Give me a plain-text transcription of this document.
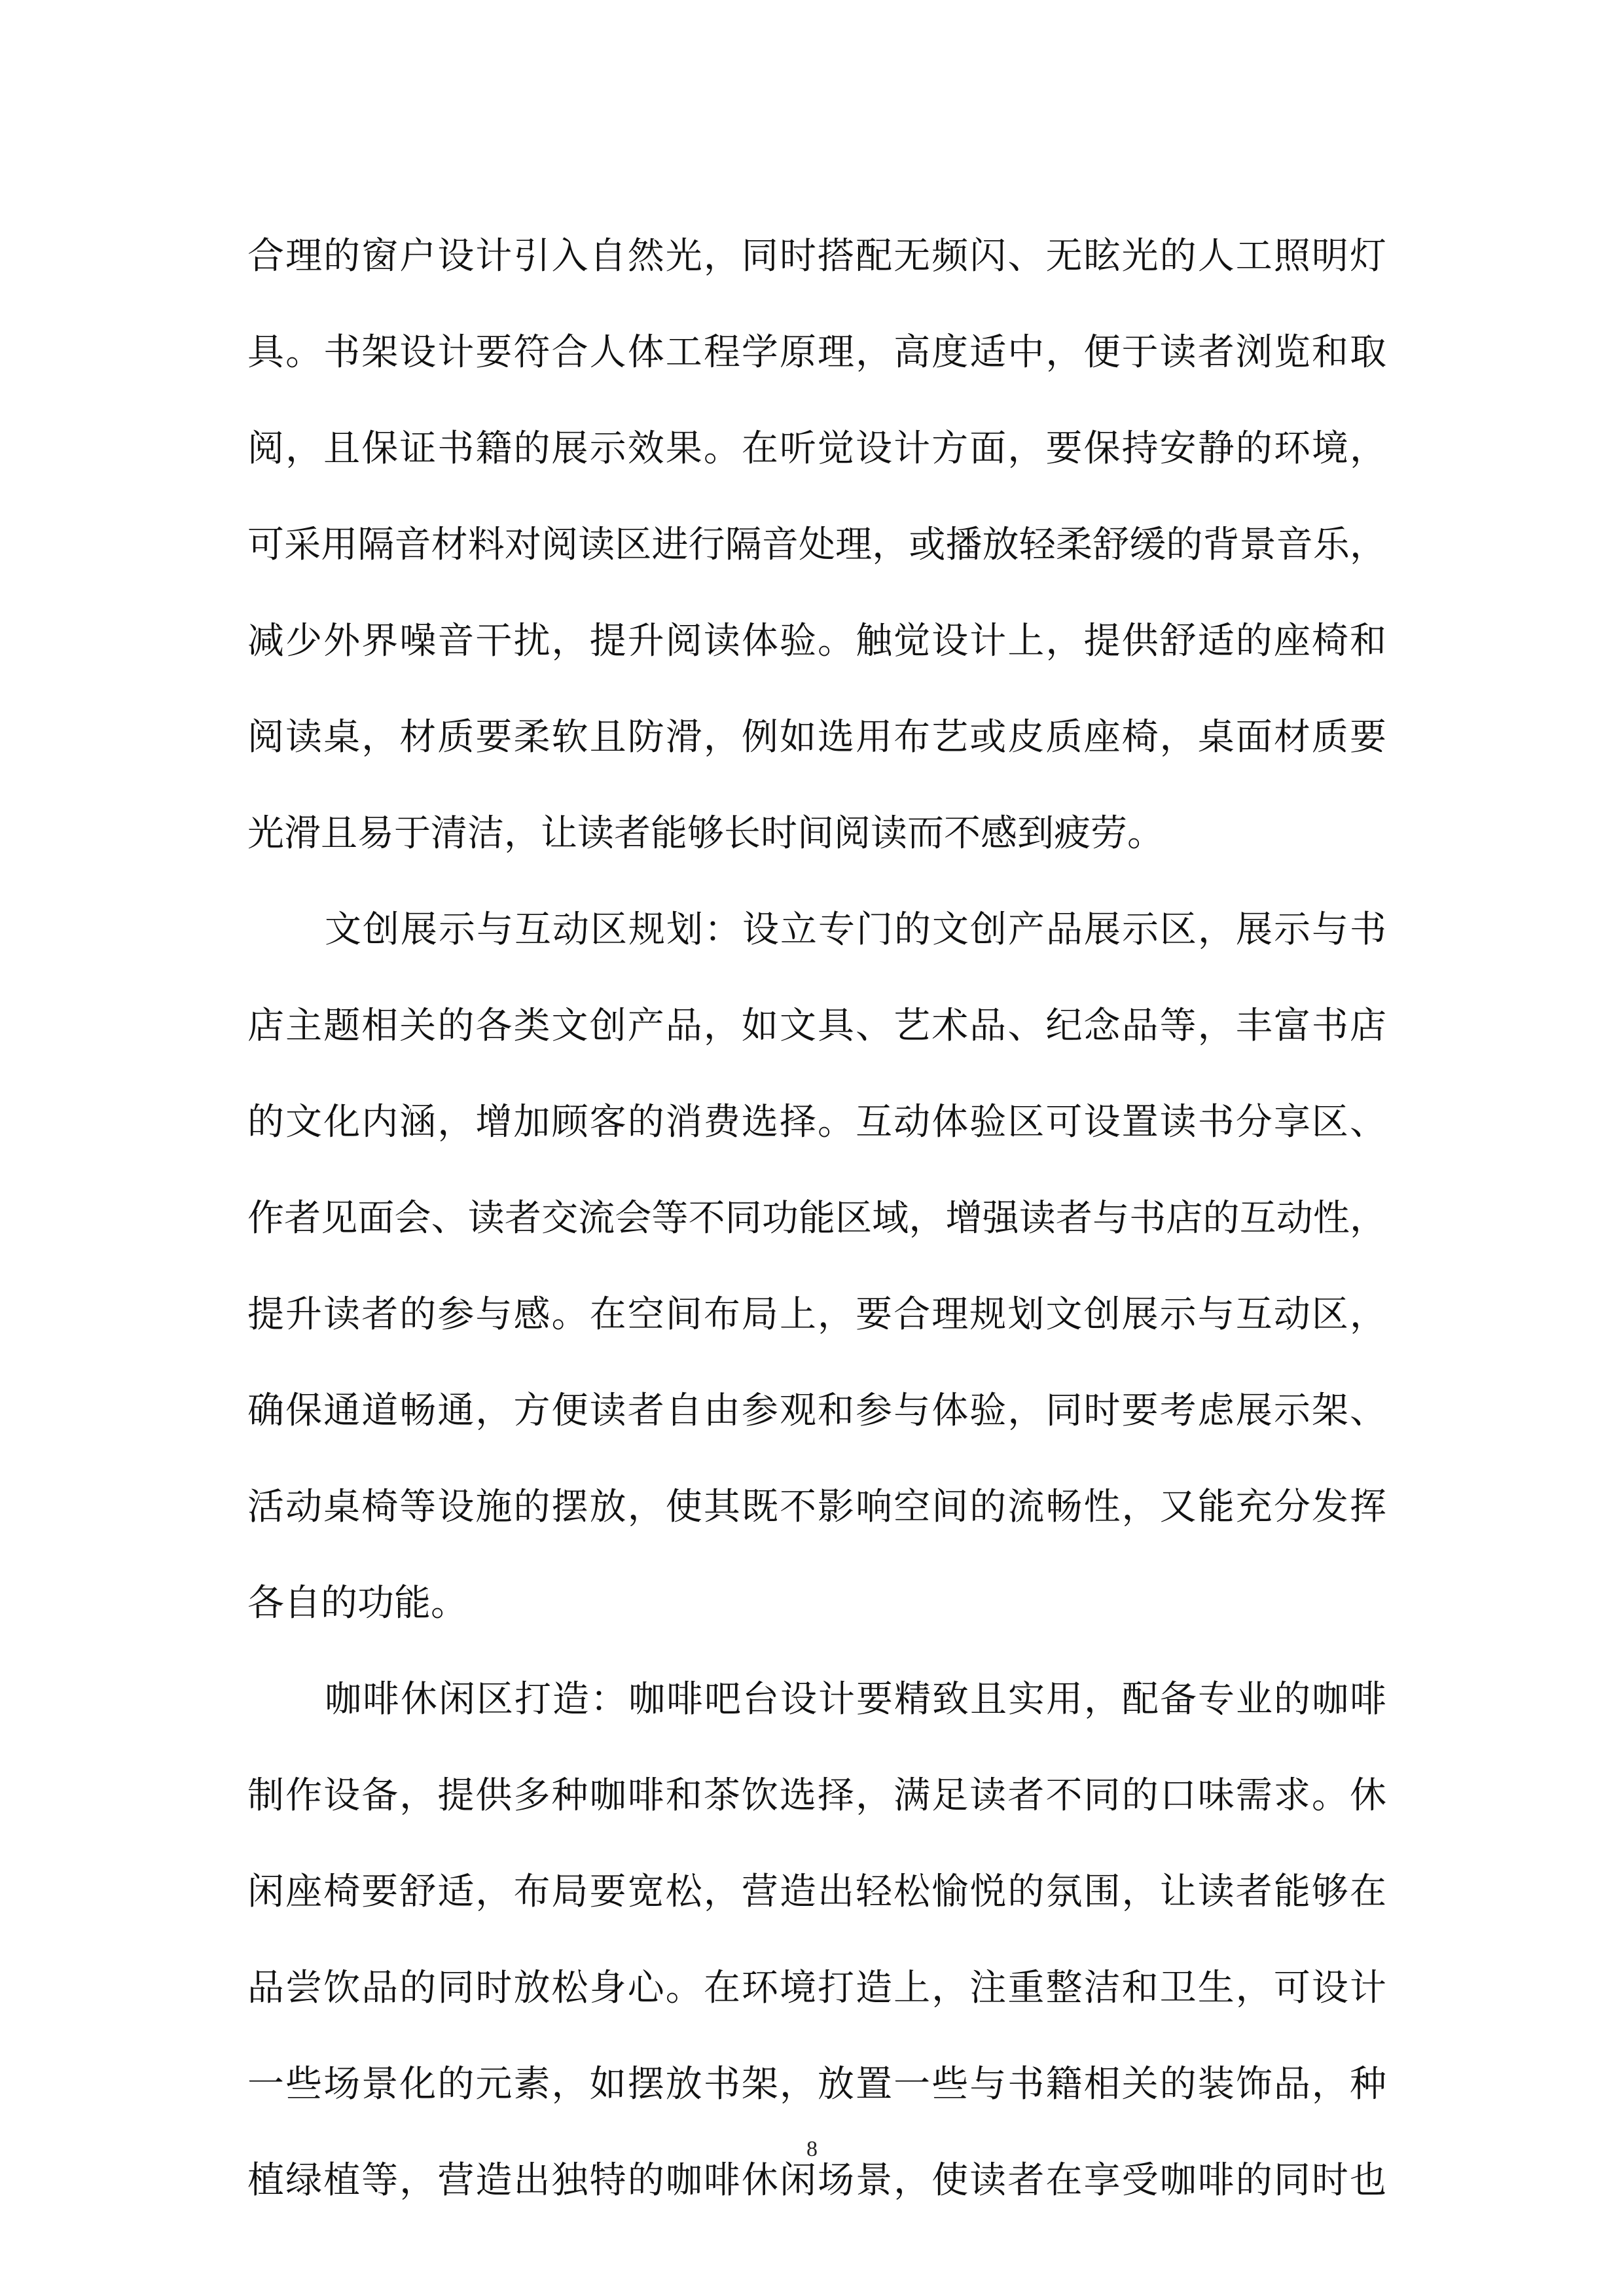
合理的窗户设计引入自然光，同时搭配无频闪、无眩光的人工照明灯
具。书架设计要符合人体工程学原理，高度适中，便于读者浏览和取
阅，且保证书籍的展示效果。在听觉设计方面，要保持安静的环境，
可采用隔音材料对阅读区进行隔音处理，或播放轻柔舒缓的背景音乐，
减少外界噪音干扰，提升阅读体验。触觉设计上，提供舒适的座椅和
阅读桌，材质要柔软且防滑，例如选用布艺或皮质座椅，桌面材质要
光滑且易于清洁，让读者能够长时间阅读而不感到疲劳。
文创展示与互动区规划：设立专门的文创产品展示区，展示与书
店主题相关的各类文创产品，如文具、艺术品、纪念品等，丰富书店
的文化内涵，增加顾客的消费选择。互动体验区可设置读书分享区、
作者见面会、读者交流会等不同功能区域，增强读者与书店的互动性，
提升读者的参与感。在空间布局上，要合理规划文创展示与互动区，
确保通道畅通，方便读者自由参观和参与体验，同时要考虑展示架、
活动桌椅等设施的摆放，使其既不影响空间的流畅性，又能充分发挥
各自的功能。
咖啡休闲区打造：咖啡吧台设计要精致且实用，配备专业的咖啡
制作设备，提供多种咖啡和茶饮选择，满足读者不同的口味需求。休
闲座椅要舒适，布局要宽松，营造出轻松愉悦的氛围，让读者能够在
品尝饮品的同时放松身心。在环境打造上，注重整洁和卫生，可设计
一些场景化的元素，如摆放书架，放置一些与书籍相关的装饰品，种
植绿植等，营造出独特的咖啡休闲场景，使读者在享受咖啡的同时也
8
